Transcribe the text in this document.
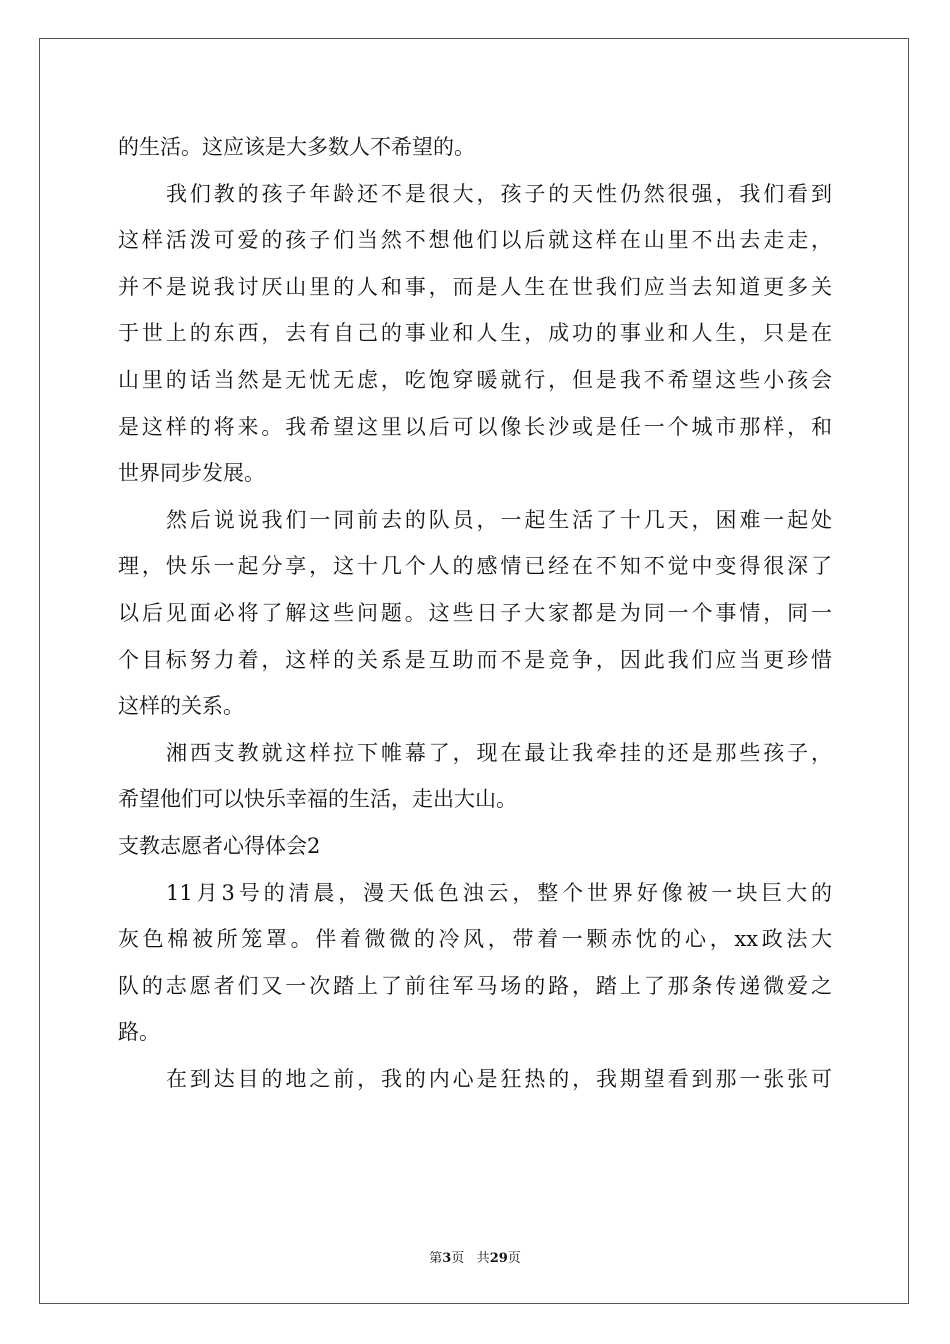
的生活。这应该是大多数人不希望的。
我们教的孩子年龄还不是很大，孩子的天性仍然很强，我们看到
这样活泼可爱的孩子们当然不想他们以后就这样在山里不出去走走，
并不是说我讨厌山里的人和事，而是人生在世我们应当去知道更多关
于世上的东西，去有自己的事业和人生，成功的事业和人生，只是在
山里的话当然是无忧无虑，吃饱穿暖就行，但是我不希望这些小孩会
是这样的将来。我希望这里以后可以像长沙或是任一个城市那样，和
世界同步发展。
然后说说我们一同前去的队员，一起生活了十几天，困难一起处
理，快乐一起分享，这十几个人的感情已经在不知不觉中变得很深了
以后见面必将了解这些问题。这些日子大家都是为同一个事情，同一
个目标努力着，这样的关系是互助而不是竞争，因此我们应当更珍惜
这样的关系。
湘西支教就这样拉下帷幕了，现在最让我牵挂的还是那些孩子，
希望他们可以快乐幸福的生活，走出大山。
支教志愿者心得体会2
11月3号的清晨，漫天低色浊云，整个世界好像被一块巨大的
灰色棉被所笼罩。伴着微微的冷风，带着一颗赤忱的心，xx政法大
队的志愿者们又一次踏上了前往军马场的路，踏上了那条传递微爱之
路。
在到达目的地之前，我的内心是狂热的，我期望看到那一张张可
第3页 共29页
